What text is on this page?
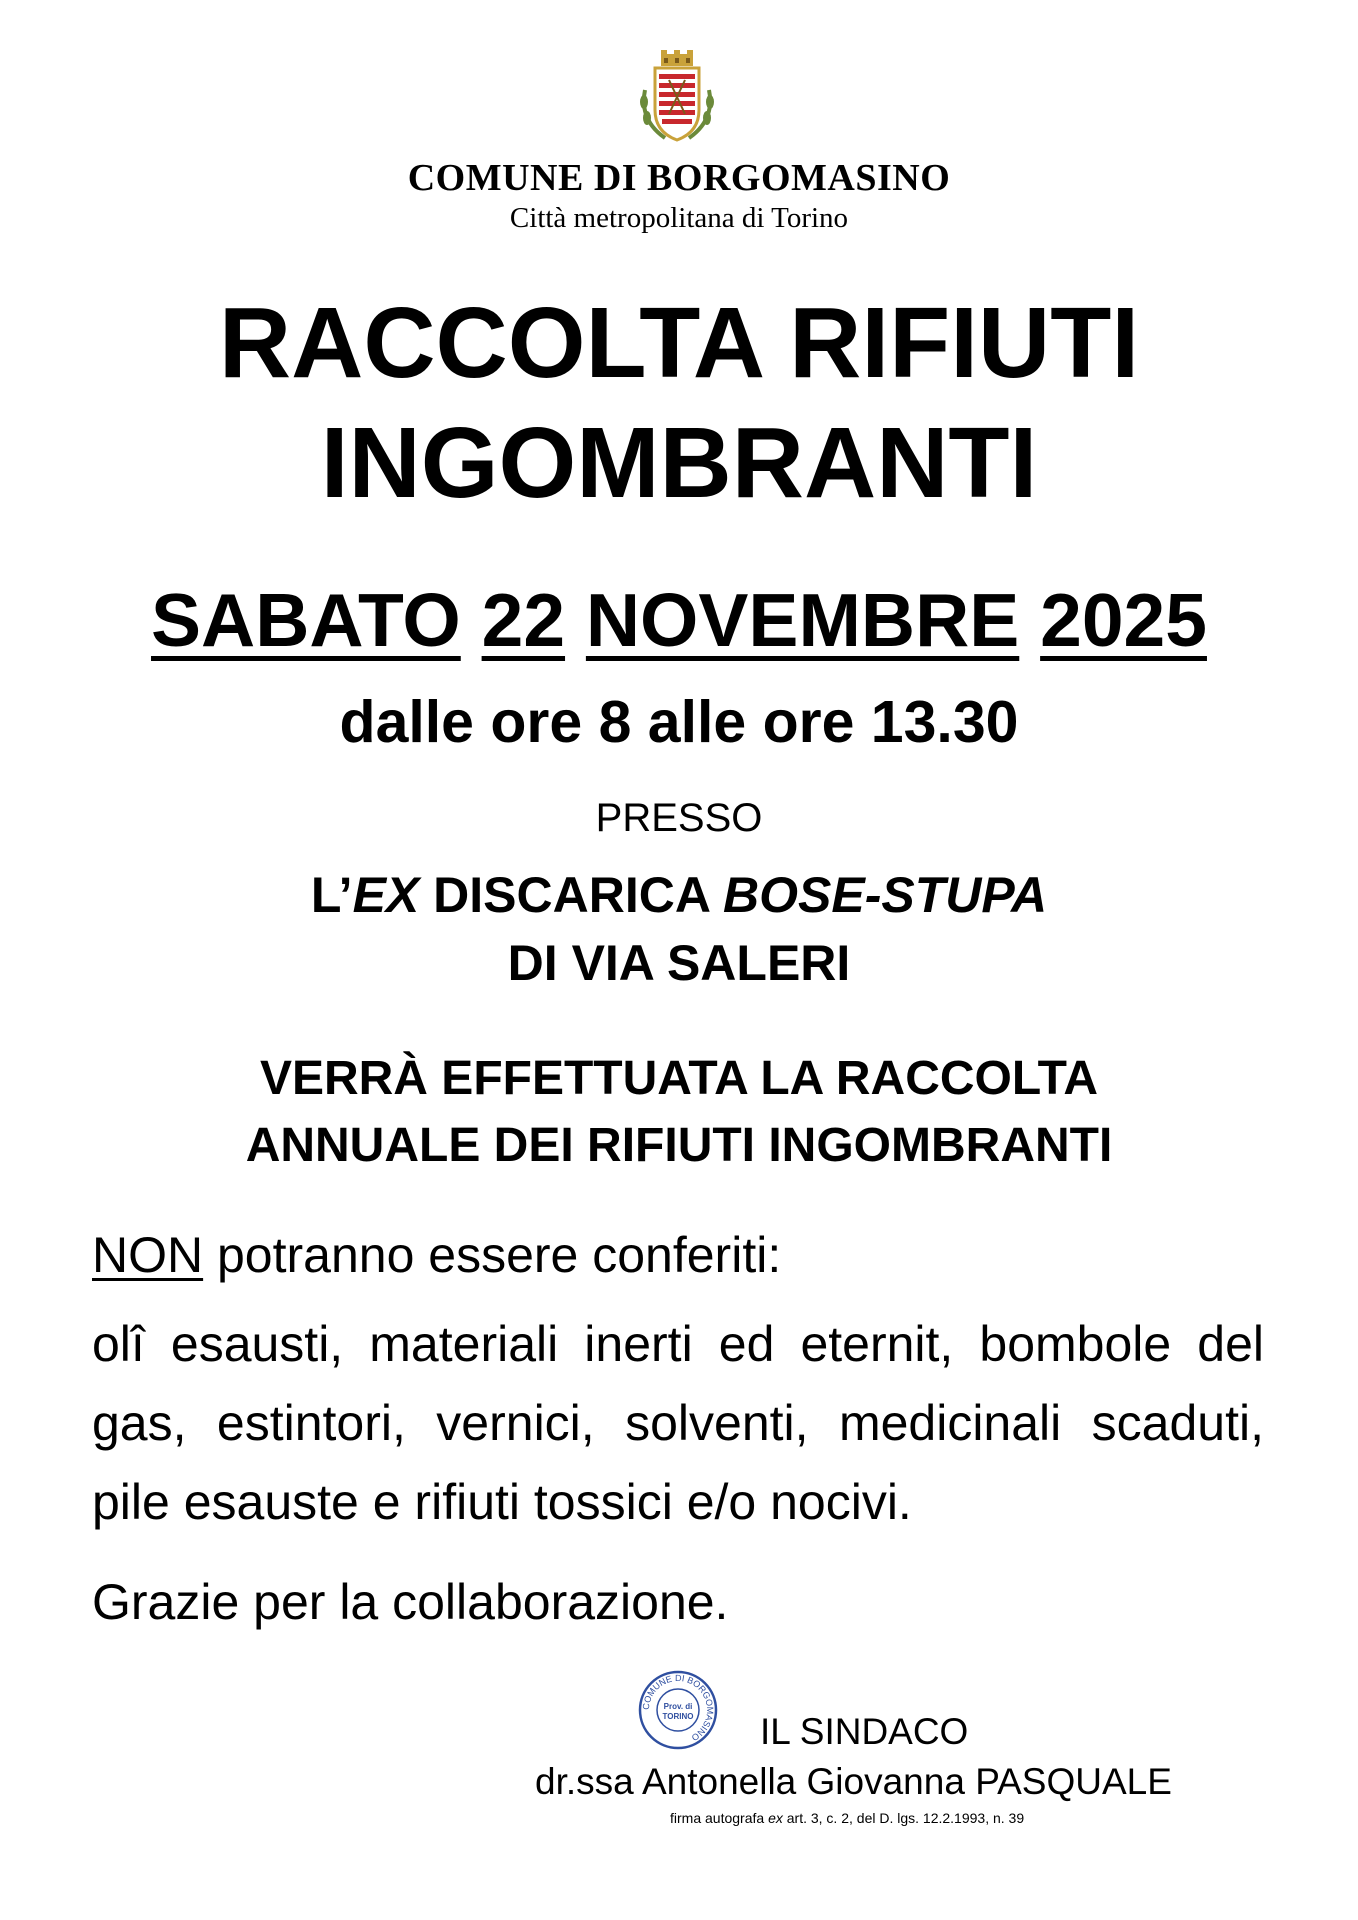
COMUNE DI BORGOMASINO
Città metropolitana di Torino
RACCOLTA RIFIUTI
INGOMBRANTI
SABATO 22 NOVEMBRE 2025
dalle ore 8 alle ore 13.30
PRESSO
L’EX DISCARICA BOSE-STUPA
DI VIA SALERI
VERRÀ EFFETTUATA LA RACCOLTA
ANNUALE DEI RIFIUTI INGOMBRANTI
NON potranno essere conferiti:
olî esausti, materiali inerti ed eternit, bombole del gas, estintori, vernici, solventi, medicinali scaduti, pile esauste e rifiuti tossici e/o nocivi.
Grazie per la collaborazione.
COMUNE DI BORGOMASINO
Prov. di
TORINO IL SINDACO
dr.ssa Antonella Giovanna PASQUALE
firma autografa ex art. 3, c. 2, del D. lgs. 12.2.1993, n. 39
